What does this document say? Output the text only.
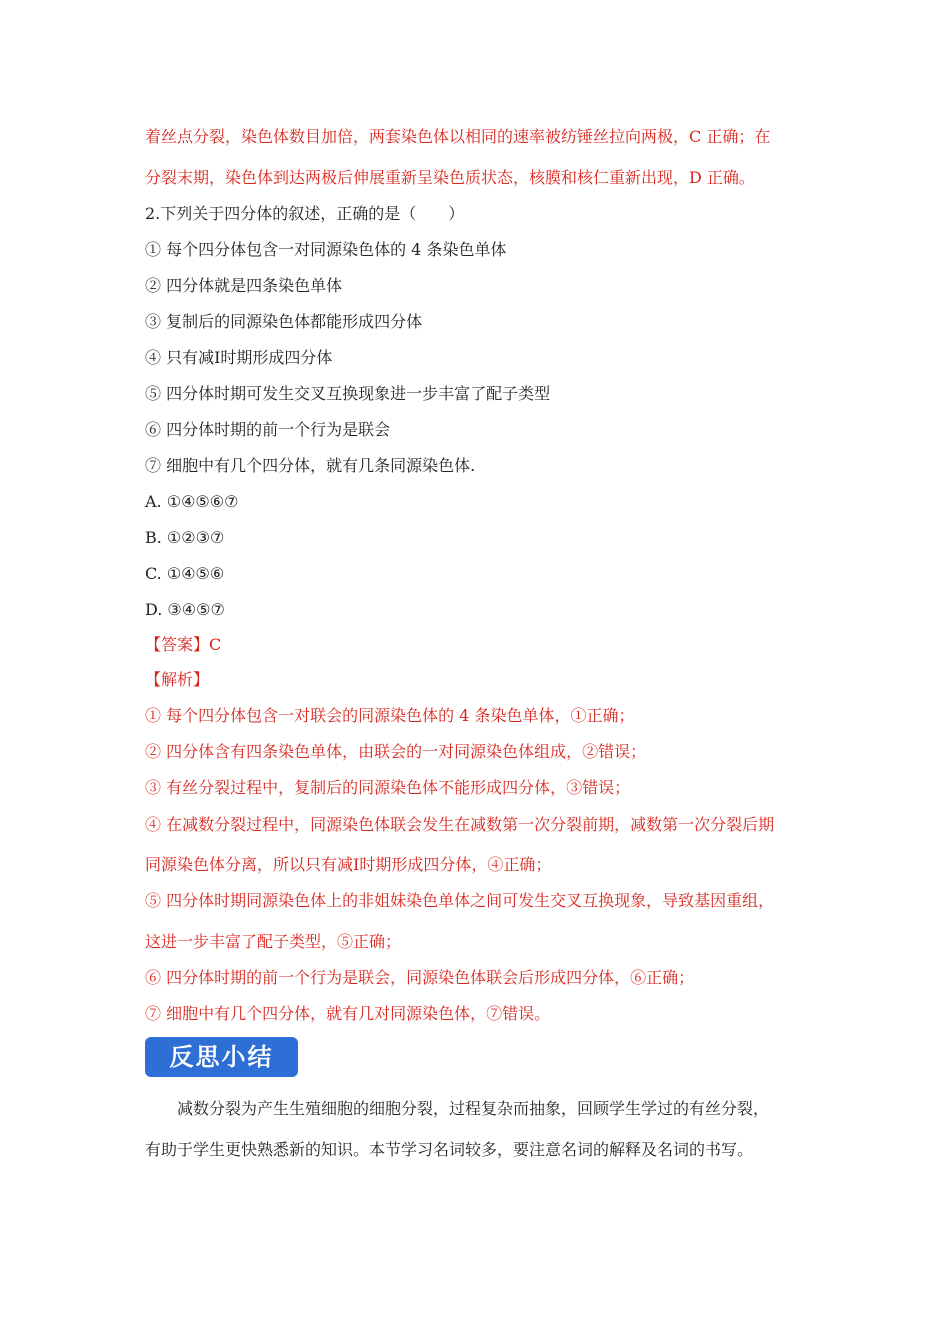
着丝点分裂，染色体数目加倍，两套染色体以相同的速率被纺锤丝拉向两极，C 正确；在
分裂末期，染色体到达两极后伸展重新呈染色质状态，核膜和核仁重新出现，D 正确。
2.下列关于四分体的叙述，正确的是（　　）
① 每个四分体包含一对同源染色体的 4 条染色单体
② 四分体就是四条染色单体
③ 复制后的同源染色体都能形成四分体
④ 只有减Ⅰ时期形成四分体
⑤ 四分体时期可发生交叉互换现象进一步丰富了配子类型
⑥ 四分体时期的前一个行为是联会
⑦ 细胞中有几个四分体，就有几条同源染色体.
A. ①④⑤⑥⑦
B. ①②③⑦
C. ①④⑤⑥
D. ③④⑤⑦
【答案】C
【解析】
① 每个四分体包含一对联会的同源染色体的 4 条染色单体，①正确；
② 四分体含有四条染色单体，由联会的一对同源染色体组成，②错误；
③ 有丝分裂过程中，复制后的同源染色体不能形成四分体，③错误；
④ 在减数分裂过程中，同源染色体联会发生在减数第一次分裂前期，减数第一次分裂后期
同源染色体分离，所以只有减Ⅰ时期形成四分体，④正确；
⑤ 四分体时期同源染色体上的非姐妹染色单体之间可发生交叉互换现象，导致基因重组，
这进一步丰富了配子类型，⑤正确；
⑥ 四分体时期的前一个行为是联会，同源染色体联会后形成四分体，⑥正确；
⑦ 细胞中有几个四分体，就有几对同源染色体，⑦错误。
反思小结
减数分裂为产生生殖细胞的细胞分裂，过程复杂而抽象，回顾学生学过的有丝分裂，
有助于学生更快熟悉新的知识。本节学习名词较多，要注意名词的解释及名词的书写。
